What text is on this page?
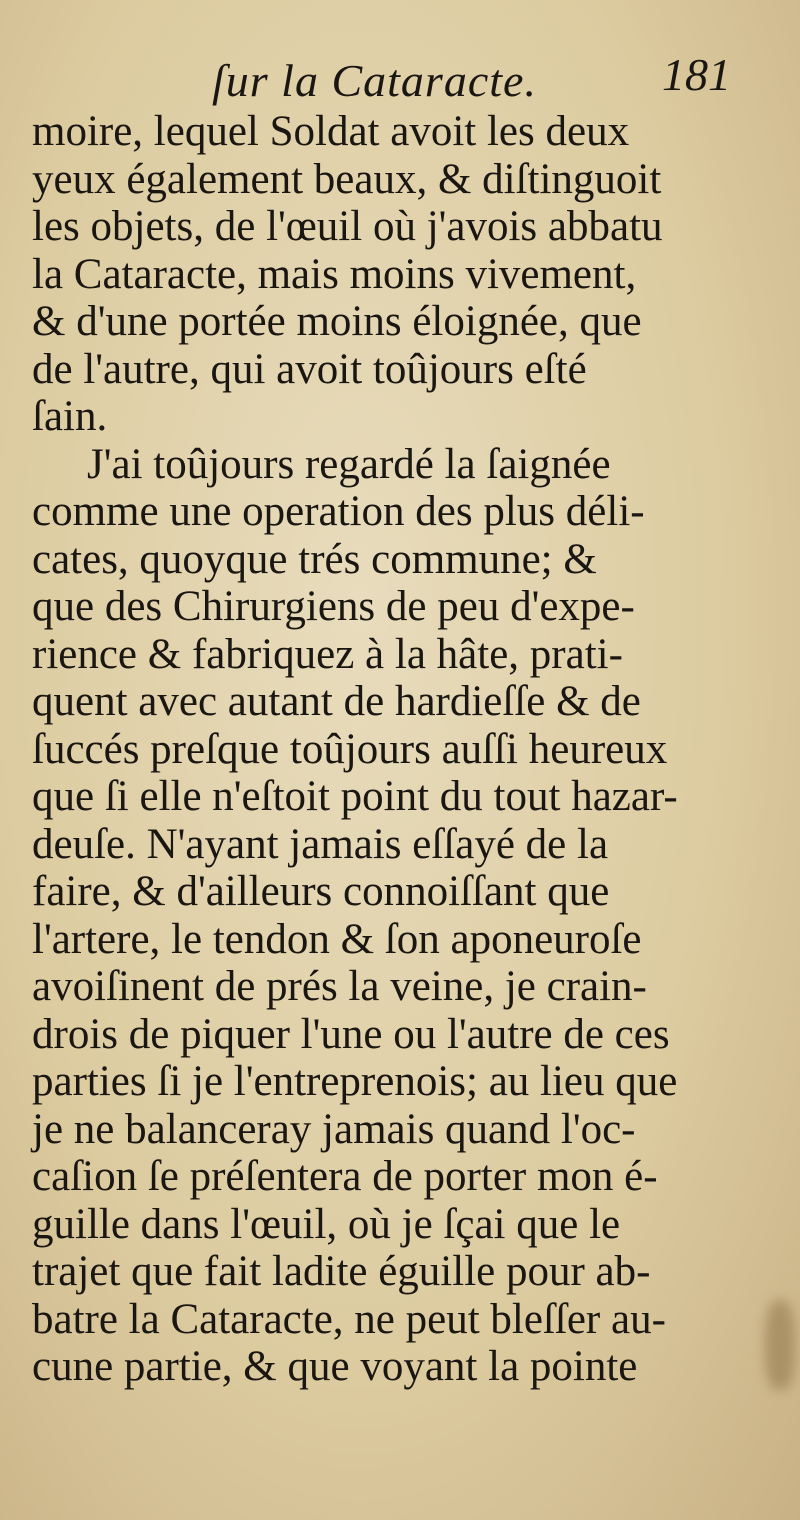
ſur la Cataracte.	181
moire, lequel Soldat avoit les deux
yeux également beaux, & diſtinguoit
les objets, de l'œuil où j'avois abbatu
la Cataracte, mais moins vivement,
& d'une portée moins éloignée, que
de l'autre, qui avoit toûjours eſté
ſain.
J'ai toûjours regardé la ſaignée
comme une operation des plus déli-
cates, quoyque trés commune; &
que des Chirurgiens de peu d'expe-
rience & fabriquez à la hâte, prati-
quent avec autant de hardieſſe & de
ſuccés preſque toûjours auſſi heureux
que ſi elle n'eſtoit point du tout hazar-
deuſe. N'ayant jamais eſſayé de la
faire, & d'ailleurs connoiſſant que
l'artere, le tendon & ſon aponeuroſe
avoiſinent de prés la veine, je crain-
drois de piquer l'une ou l'autre de ces
parties ſi je l'entreprenois; au lieu que
je ne balanceray jamais quand l'oc-
caſion ſe préſentera de porter mon é-
guille dans l'œuil, où je ſçai que le
trajet que fait ladite éguille pour ab-
batre la Cataracte, ne peut bleſſer au-
cune partie, & que voyant la pointe
